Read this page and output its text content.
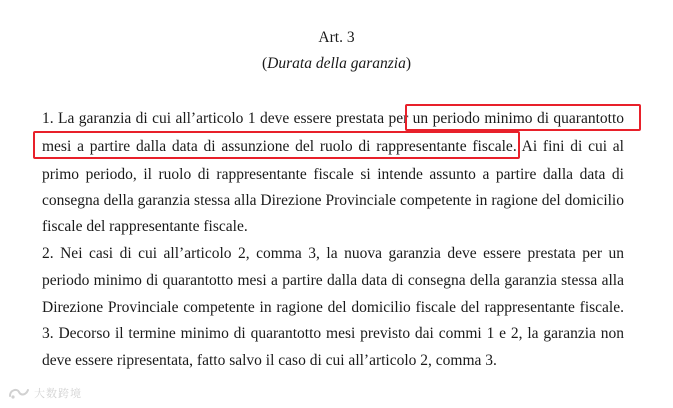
Art. 3
(Durata della garanzia)
1. La garanzia di cui all’articolo 1 deve essere prestata per un periodo minimo di quarantotto
mesi a partire dalla data di assunzione del ruolo di rappresentante fiscale. Ai fini di cui al
primo periodo, il ruolo di rappresentante fiscale si intende assunto a partire dalla data di
consegna della garanzia stessa alla Direzione Provinciale competente in ragione del domicilio
fiscale del rappresentante fiscale.
2. Nei casi di cui all’articolo 2, comma 3, la nuova garanzia deve essere prestata per un
periodo minimo di quarantotto mesi a partire dalla data di consegna della garanzia stessa alla
Direzione Provinciale competente in ragione del domicilio fiscale del rappresentante fiscale.
3. Decorso il termine minimo di quarantotto mesi previsto dai commi 1 e 2, la garanzia non
deve essere ripresentata, fatto salvo il caso di cui all’articolo 2, comma 3.
大数跨境
